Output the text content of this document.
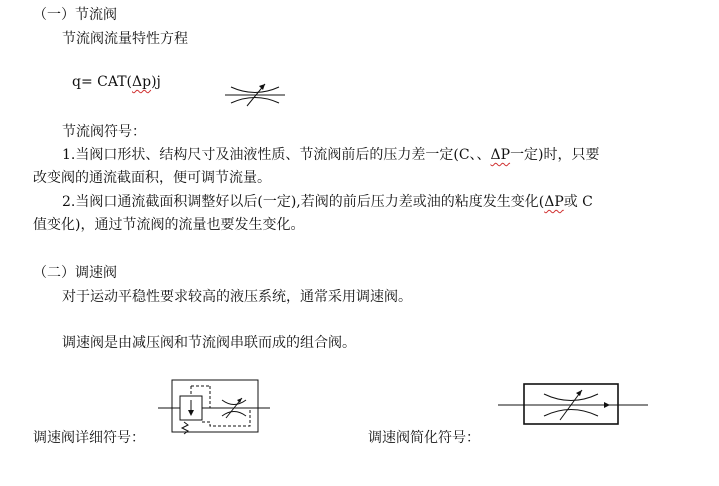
（一）节流阀
节流阀流量特性方程
q= CAT(Δp)j
节流阀符号：
1.当阀口形状、结构尺寸及油液性质、节流阀前后的压力差一定(C、、ΔP一定)时，只要
改变阀的通流截面积，便可调节流量。
2.当阀口通流截面积调整好以后(一定),若阀的前后压力差或油的粘度发生变化(ΔP或 C
值变化)，通过节流阀的流量也要发生变化。
（二）调速阀
对于运动平稳性要求较高的液压系统，通常采用调速阀。
调速阀是由减压阀和节流阀串联而成的组合阀。
调速阀详细符号：	调速阀简化符号：
